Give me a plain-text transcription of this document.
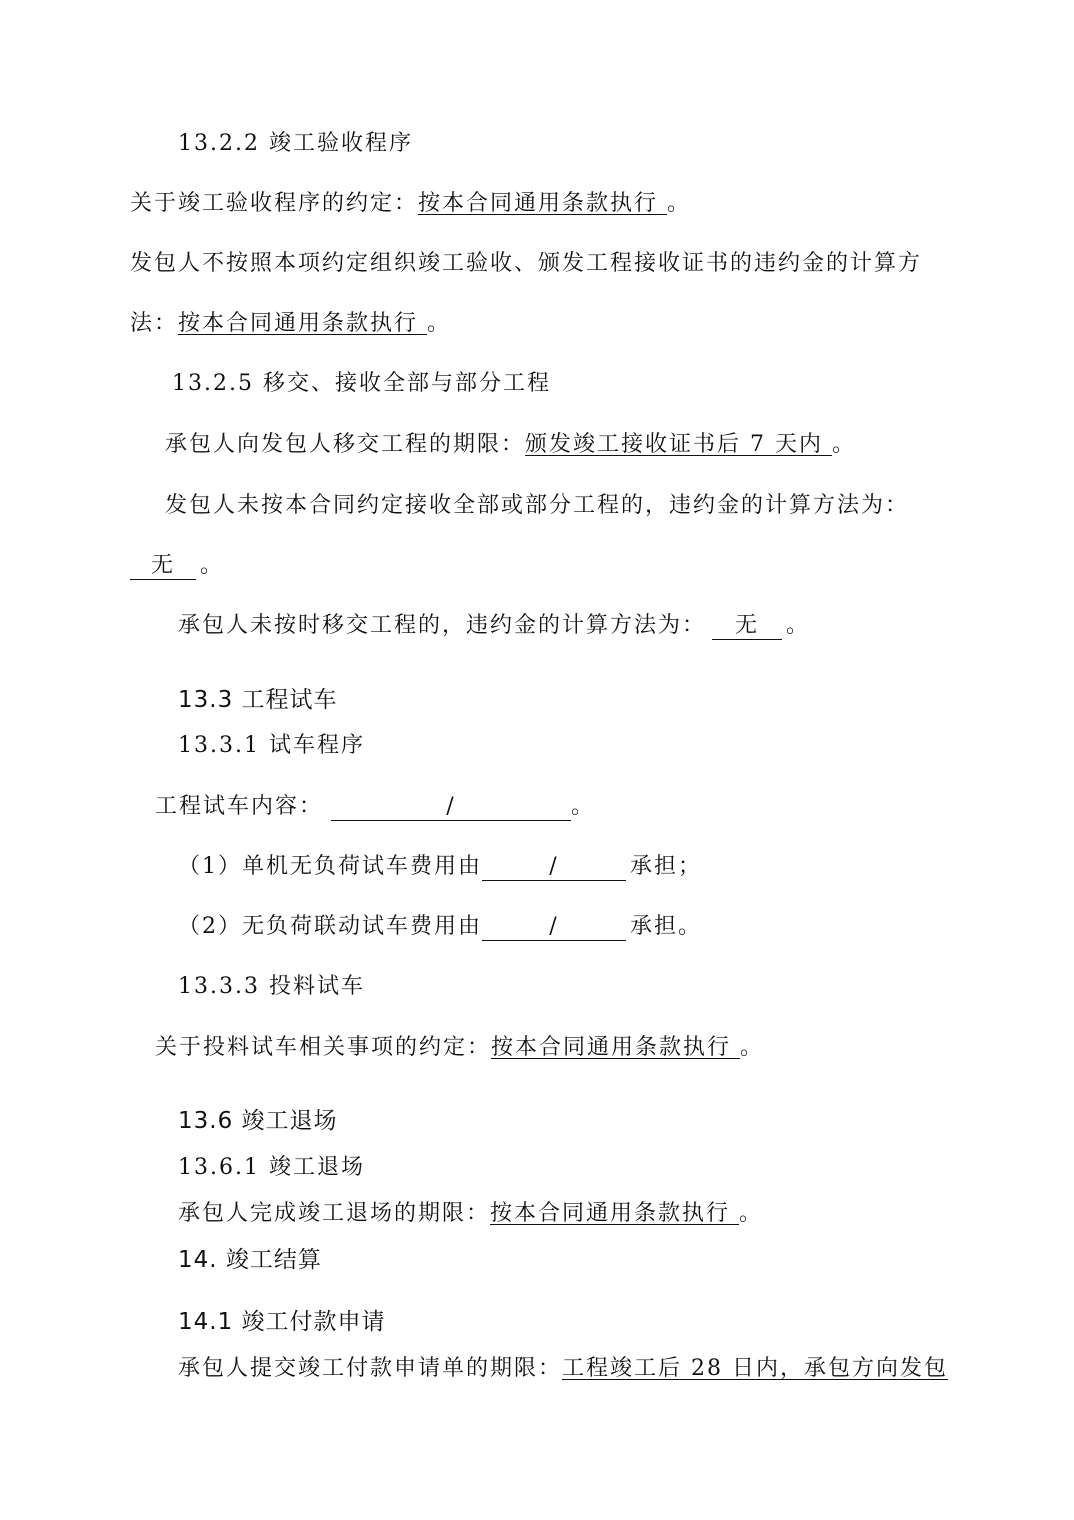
13.2.2 竣工验收程序
关于竣工验收程序的约定：按本合同通用条款执行 。
发包人不按照本项约定组织竣工验收、颁发工程接收证书的违约金的计算方
法：按本合同通用条款执行 。
13.2.5 移交、接收全部与部分工程
承包人向发包人移交工程的期限：颁发竣工接收证书后 7 天内 。
发包人未按本合同约定接收全部或部分工程的，违约金的计算方法为：
无 。
承包人未按时移交工程的，违约金的计算方法为： 无 。
13.3 工程试车
13.3.1 试车程序
工程试车内容：	/	。
（1）单机无负荷试车费用由	/	承担；
（2）无负荷联动试车费用由	/	承担。
13.3.3 投料试车
关于投料试车相关事项的约定：按本合同通用条款执行 。
13.6 竣工退场
13.6.1 竣工退场
承包人完成竣工退场的期限：按本合同通用条款执行 。
14. 竣工结算
14.1 竣工付款申请
承包人提交竣工付款申请单的期限：工程竣工后 28 日内，承包方向发包
